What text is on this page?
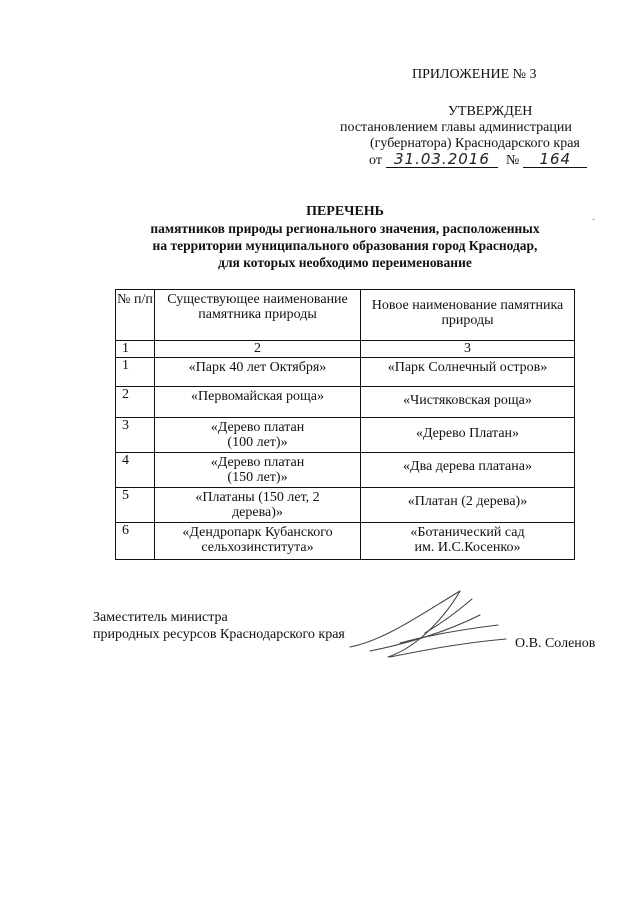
ПРИЛОЖЕНИЕ № 3
УТВЕРЖДЕН
постановлением главы администрации
(губернатора) Краснодарского края
от 31.03.2016 № 164
ПЕРЕЧЕНЬ
памятников природы регионального значения, расположенных
на территории муниципального образования город Краснодар,
для которых необходимо переименование
-
№ п/п	Существующее наименование памятника природы	Новое наименование памятника природы

1	2	3
1	«Парк 40 лет Октября»	«Парк Солнечный остров»

2	«Первомайская роща»	«Чистяковская роща»

3	«Дерево платан (100 лет)»	«Дерево Платан»

4	«Дерево платан (150 лет)»	«Два дерева платана»

5	«Платаны (150 лет, 2 дерева)»	«Платан (2 дерева)»

6	«Дендропарк Кубанского сельхозинститута»	«Ботанический сад им. И.С.Косенко»
Заместитель министра
природных ресурсов Краснодарского края
О.В. Соленов
